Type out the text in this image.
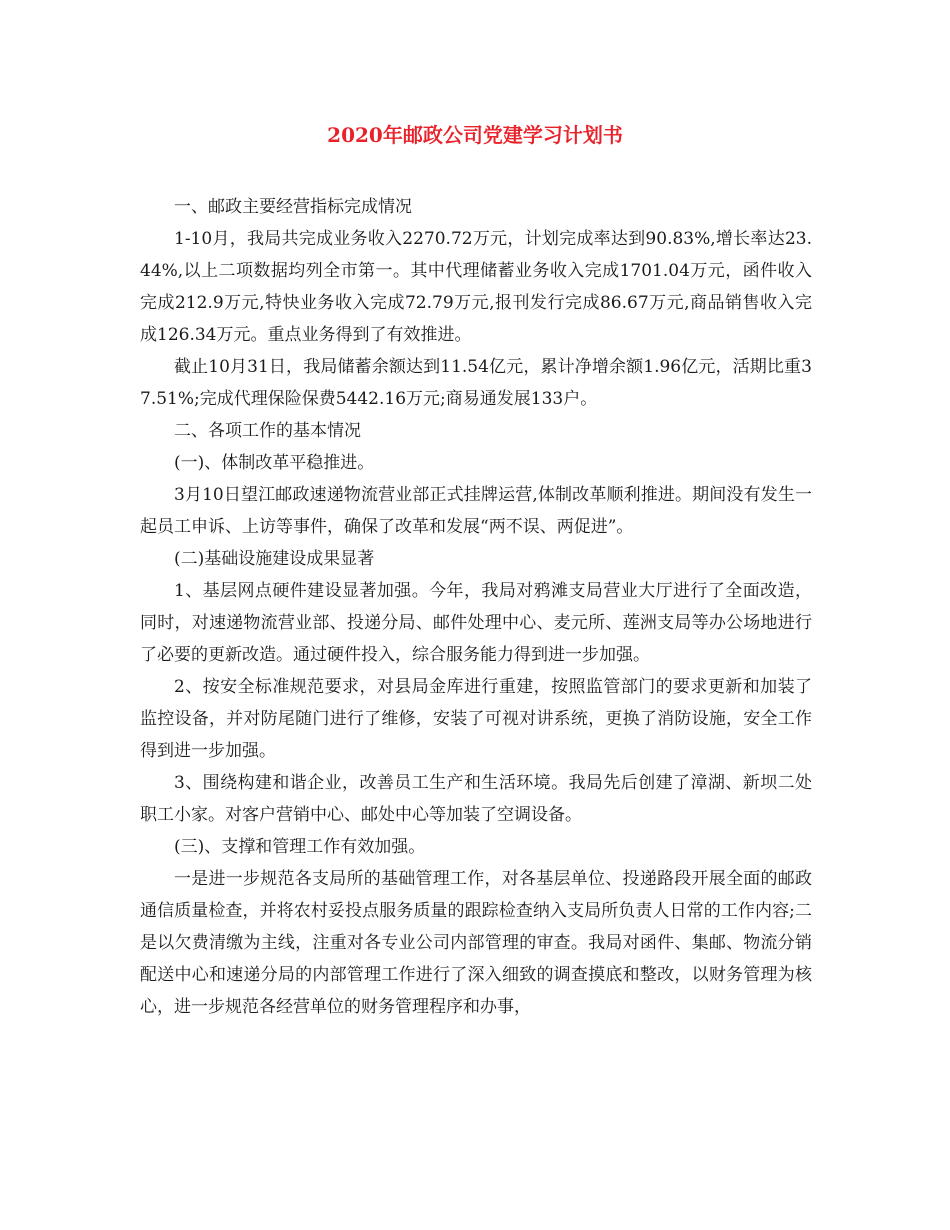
2020年邮政公司党建学习计划书

一、邮政主要经营指标完成情况

1-10月，我局共完成业务收入2270.72万元，计划完成率达到90.83%,增长率达23.44%,以上二项数据均列全市第一。其中代理储蓄业务收入完成1701.04万元，函件收入完成212.9万元,特快业务收入完成72.79万元,报刊发行完成86.67万元,商品销售收入完成126.34万元。重点业务得到了有效推进。

截止10月31日，我局储蓄余额达到11.54亿元，累计净增余额1.96亿元，活期比重37.51%;完成代理保险保费5442.16万元;商易通发展133户。

二、各项工作的基本情况

(一)、体制改革平稳推进。

3月10日望江邮政速递物流营业部正式挂牌运营,体制改革顺利推进。期间没有发生一起员工申诉、上访等事件，确保了改革和发展“两不误、两促进”。

(二)基础设施建设成果显著

1、基层网点硬件建设显著加强。今年，我局对鸦滩支局营业大厅进行了全面改造，同时，对速递物流营业部、投递分局、邮件处理中心、麦元所、莲洲支局等办公场地进行了必要的更新改造。通过硬件投入，综合服务能力得到进一步加强。

2、按安全标准规范要求，对县局金库进行重建，按照监管部门的要求更新和加装了监控设备，并对防尾随门进行了维修，安装了可视对讲系统，更换了消防设施，安全工作得到进一步加强。

3、围绕构建和谐企业，改善员工生产和生活环境。我局先后创建了漳湖、新坝二处职工小家。对客户营销中心、邮处中心等加装了空调设备。

(三)、支撑和管理工作有效加强。

一是进一步规范各支局所的基础管理工作，对各基层单位、投递路段开展全面的邮政通信质量检查，并将农村妥投点服务质量的跟踪检查纳入支局所负责人日常的工作内容;二是以欠费清缴为主线，注重对各专业公司内部管理的审查。我局对函件、集邮、物流分销配送中心和速递分局的内部管理工作进行了深入细致的调查摸底和整改，以财务管理为核心，进一步规范各经营单位的财务管理程序和办事，
